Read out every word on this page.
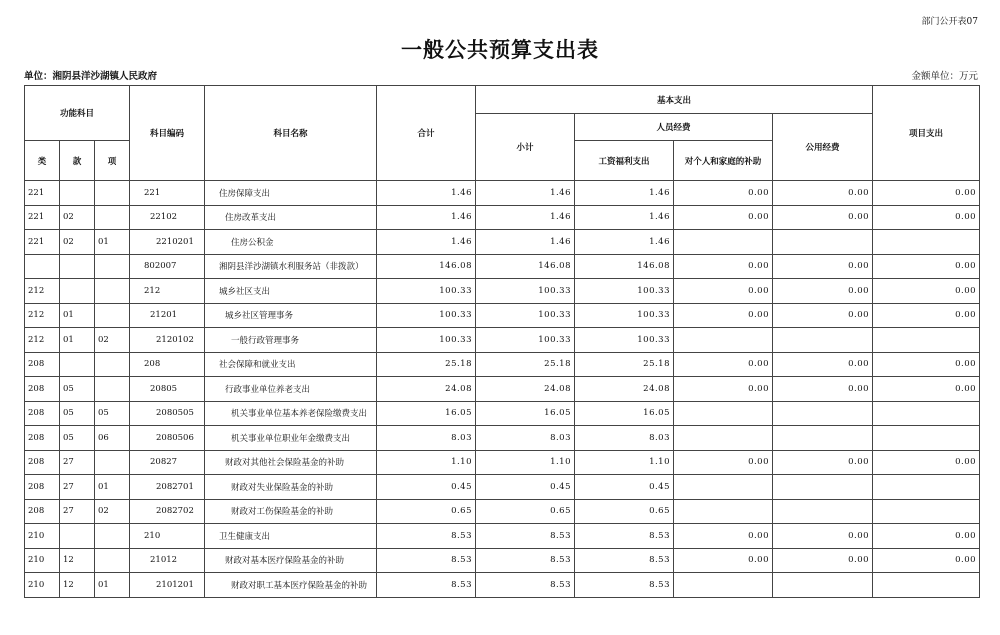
部门公开表07
一般公共预算支出表
单位：湘阴县洋沙湖镇人民政府	金额单位：万元
功能科目			科目编码	科目名称	合计	基本支出				项目支出
						小计	人员经费		公用经费	
类	款	项					工资福利支出	对个人和家庭的补助		
221			221	住房保障支出	1.46	1.46	1.46	0.00	0.00	0.00
221	02		22102	住房改革支出	1.46	1.46	1.46	0.00	0.00	0.00
221	02	01	2210201	住房公积金	1.46	1.46	1.46			
			802007	湘阴县洋沙湖镇水利服务站（非拨款）	146.08	146.08	146.08	0.00	0.00	0.00
212			212	城乡社区支出	100.33	100.33	100.33	0.00	0.00	0.00
212	01		21201	城乡社区管理事务	100.33	100.33	100.33	0.00	0.00	0.00
212	01	02	2120102	一般行政管理事务	100.33	100.33	100.33			
208			208	社会保障和就业支出	25.18	25.18	25.18	0.00	0.00	0.00
208	05		20805	行政事业单位养老支出	24.08	24.08	24.08	0.00	0.00	0.00
208	05	05	2080505	机关事业单位基本养老保险缴费支出	16.05	16.05	16.05			
208	05	06	2080506	机关事业单位职业年金缴费支出	8.03	8.03	8.03			
208	27		20827	财政对其他社会保险基金的补助	1.10	1.10	1.10	0.00	0.00	0.00
208	27	01	2082701	财政对失业保险基金的补助	0.45	0.45	0.45			
208	27	02	2082702	财政对工伤保险基金的补助	0.65	0.65	0.65			
210			210	卫生健康支出	8.53	8.53	8.53	0.00	0.00	0.00
210	12		21012	财政对基本医疗保险基金的补助	8.53	8.53	8.53	0.00	0.00	0.00
210	12	01	2101201	财政对职工基本医疗保险基金的补助	8.53	8.53	8.53			
